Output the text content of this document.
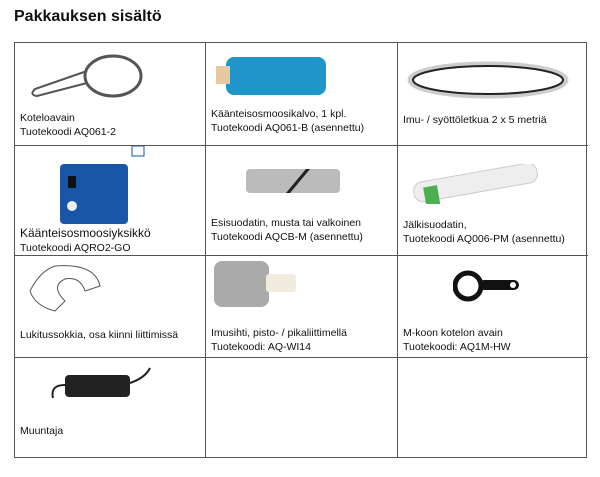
Pakkauksen sisältö
Koteloavain
Tuotekoodi AQ061-2
Käänteisosmoosikalvo, 1 kpl.
Tuotekoodi AQ061-B (asennettu)
Imu- / syöttöletkua 2 x 5 metriä
Käänteisosmoosiyksikkö
Tuotekoodi AQRO2-GO
Esisuodatin, musta tai valkoinen
Tuotekoodi AQCB-M (asennettu)
Jälkisuodatin,
Tuotekoodi AQ006-PM (asennettu)
Lukitussokkia, osa kiinni liittimissä	Imusihti, pisto- / pikaliittimellä
Tuotekoodi: AQ-WI14
M-koon kotelon avain
Tuotekoodi: AQ1M-HW
Muuntaja
